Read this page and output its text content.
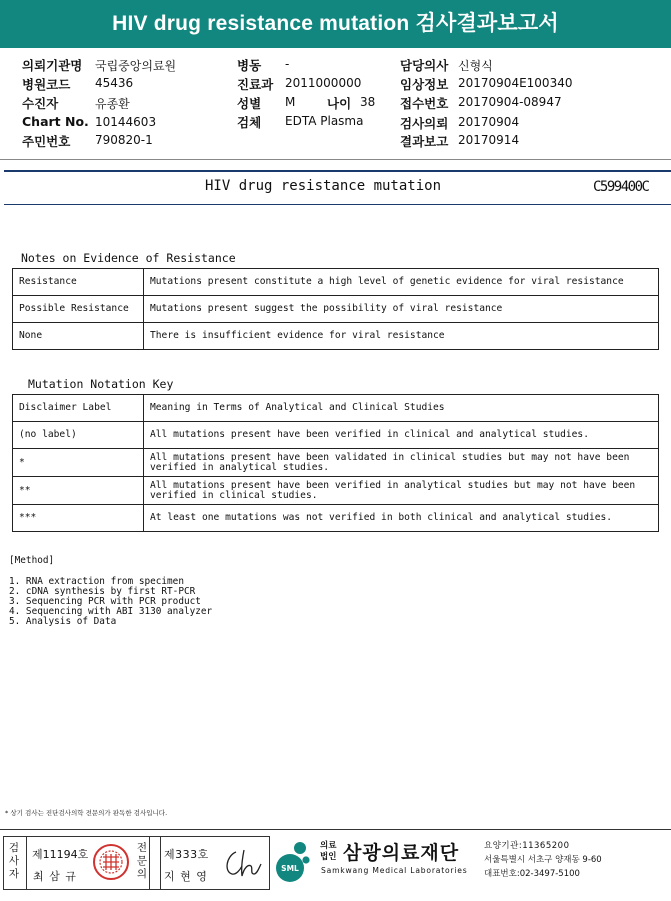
HIV drug resistance mutation 검사결과보고서
의뢰기관명 국립중앙의료원
병원코드 45436
수진자	유종환
Chart No. 10144603
주민번호 790820-1
병동 -
진료과 2011000000
성별 M	나이 38
검체 EDTA Plasma
담당의사 신형식
임상정보 20170904E100340
접수번호 20170904-08947
검사의뢰 20170904
결과보고 20170914
HIV drug resistance mutation	C599400C
Notes on Evidence of Resistance
Resistance	Mutations present constitute a high level of genetic evidence for viral resistance
Possible Resistance	Mutations present suggest the possibility of viral resistance
None	There is insufficient evidence for viral resistance
Mutation Notation Key
Disclaimer Label	Meaning in Terms of Analytical and Clinical Studies
(no label)	All mutations present have been verified in clinical and analytical studies.
*	All mutations present have been validated in clinical studies but may not have been verified in analytical studies.
**	All mutations present have been verified in analytical studies but may not have been verified in clinical studies.
***	At least one mutations was not verified in both clinical and analytical studies.
[Method]
1. RNA extraction from specimen
2. cDNA synthesis by first RT-PCR
3. Sequencing PCR with PCR product
4. Sequencing with ABI 3130 analyzer
5. Analysis of Data
* 상기 검사는 진단검사의학 전문의가 판독한 검사입니다.
검
사
자
제11194호
최 삼 규
전
문
의
제333호
지 현 영
SML
의료
법인 삼광의료재단
Samkwang Medical Laboratories
요양기관:11365200
서울특별시 서초구 양재동 9-60
대표번호:02-3497-5100
